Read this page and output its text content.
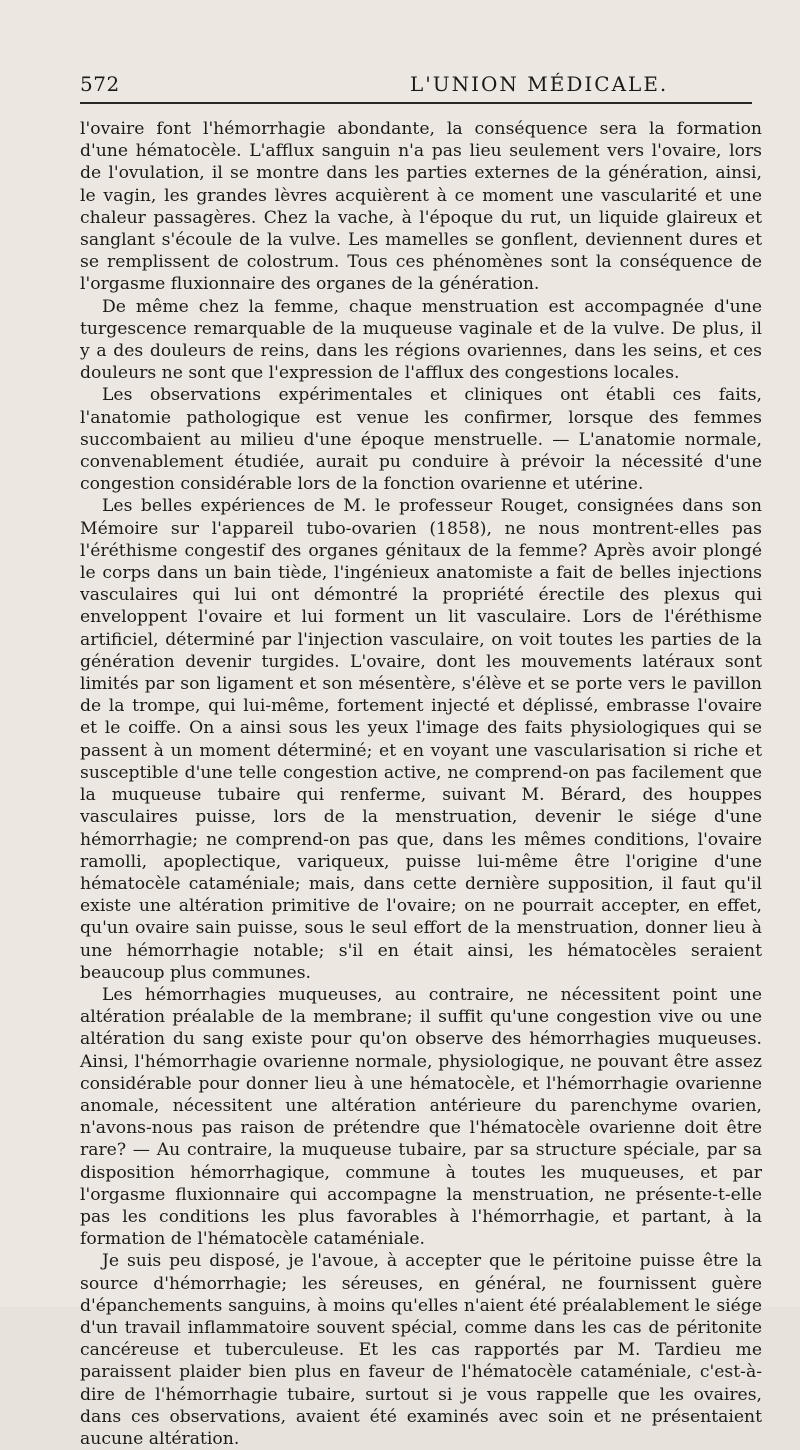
572	L'UNION MÉDICALE.

l'ovaire font l'hémorrhagie abondante, la conséquence sera la formation d'une hématocèle. L'afflux sanguin n'a pas lieu seulement vers l'ovaire, lors de l'ovulation, il se montre dans les parties externes de la génération, ainsi, le vagin, les grandes lèvres acquièrent à ce moment une vascularité et une chaleur passagères. Chez la vache, à l'époque du rut, un liquide glaireux et sanglant s'écoule de la vulve. Les mamelles se gonflent, deviennent dures et se remplissent de colostrum. Tous ces phénomènes sont la conséquence de l'orgasme fluxionnaire des organes de la génération.

De même chez la femme, chaque menstruation est accompagnée d'une turgescence remarquable de la muqueuse vaginale et de la vulve. De plus, il y a des douleurs de reins, dans les régions ovariennes, dans les seins, et ces douleurs ne sont que l'expression de l'afflux des congestions locales.

Les observations expérimentales et cliniques ont établi ces faits, l'anatomie pathologique est venue les confirmer, lorsque des femmes succombaient au milieu d'une époque menstruelle. — L'anatomie normale, convenablement étudiée, aurait pu conduire à prévoir la nécessité d'une congestion considérable lors de la fonction ovarienne et utérine.

Les belles expériences de M. le professeur Rouget, consignées dans son Mémoire sur l'appareil tubo-ovarien (1858), ne nous montrent-elles pas l'éréthisme congestif des organes génitaux de la femme? Après avoir plongé le corps dans un bain tiède, l'ingénieux anatomiste a fait de belles injections vasculaires qui lui ont démontré la propriété érectile des plexus qui enveloppent l'ovaire et lui forment un lit vasculaire. Lors de l'éréthisme artificiel, déterminé par l'injection vasculaire, on voit toutes les parties de la génération devenir turgides. L'ovaire, dont les mouvements latéraux sont limités par son ligament et son mésentère, s'élève et se porte vers le pavillon de la trompe, qui lui-même, fortement injecté et déplissé, embrasse l'ovaire et le coiffe. On a ainsi sous les yeux l'image des faits physiologiques qui se passent à un moment déterminé; et en voyant une vascularisation si riche et susceptible d'une telle congestion active, ne comprend-on pas facilement que la muqueuse tubaire qui renferme, suivant M. Bérard, des houppes vasculaires puisse, lors de la menstruation, devenir le siége d'une hémorrhagie; ne comprend-on pas que, dans les mêmes conditions, l'ovaire ramolli, apoplectique, variqueux, puisse lui-même être l'origine d'une hématocèle cataméniale; mais, dans cette dernière supposition, il faut qu'il existe une altération primitive de l'ovaire; on ne pourrait accepter, en effet, qu'un ovaire sain puisse, sous le seul effort de la menstruation, donner lieu à une hémorrhagie notable; s'il en était ainsi, les hématocèles seraient beaucoup plus communes.

Les hémorrhagies muqueuses, au contraire, ne nécessitent point une altération préalable de la membrane; il suffit qu'une congestion vive ou une altération du sang existe pour qu'on observe des hémorrhagies muqueuses. Ainsi, l'hémorrhagie ovarienne normale, physiologique, ne pouvant être assez considérable pour donner lieu à une hématocèle, et l'hémorrhagie ovarienne anomale, nécessitent une altération antérieure du parenchyme ovarien, n'avons-nous pas raison de prétendre que l'hématocèle ovarienne doit être rare? — Au contraire, la muqueuse tubaire, par sa structure spéciale, par sa disposition hémorrhagique, commune à toutes les muqueuses, et par l'orgasme fluxionnaire qui accompagne la menstruation, ne présente-t-elle pas les conditions les plus favorables à l'hémorrhagie, et partant, à la formation de l'hématocèle cataméniale.

Je suis peu disposé, je l'avoue, à accepter que le péritoine puisse être la source d'hémorrhagie; les séreuses, en général, ne fournissent guère d'épanchements sanguins, à moins qu'elles n'aient été préalablement le siége d'un travail inflammatoire souvent spécial, comme dans les cas de péritonite cancéreuse et tuberculeuse. Et les cas rapportés par M. Tardieu me paraissent plaider bien plus en faveur de l'hématocèle cataméniale, c'est-à-dire de l'hémorrhagie tubaire, surtout si je vous rappelle que les ovaires, dans ces observations, avaient été examinés avec soin et ne présentaient aucune altération.
